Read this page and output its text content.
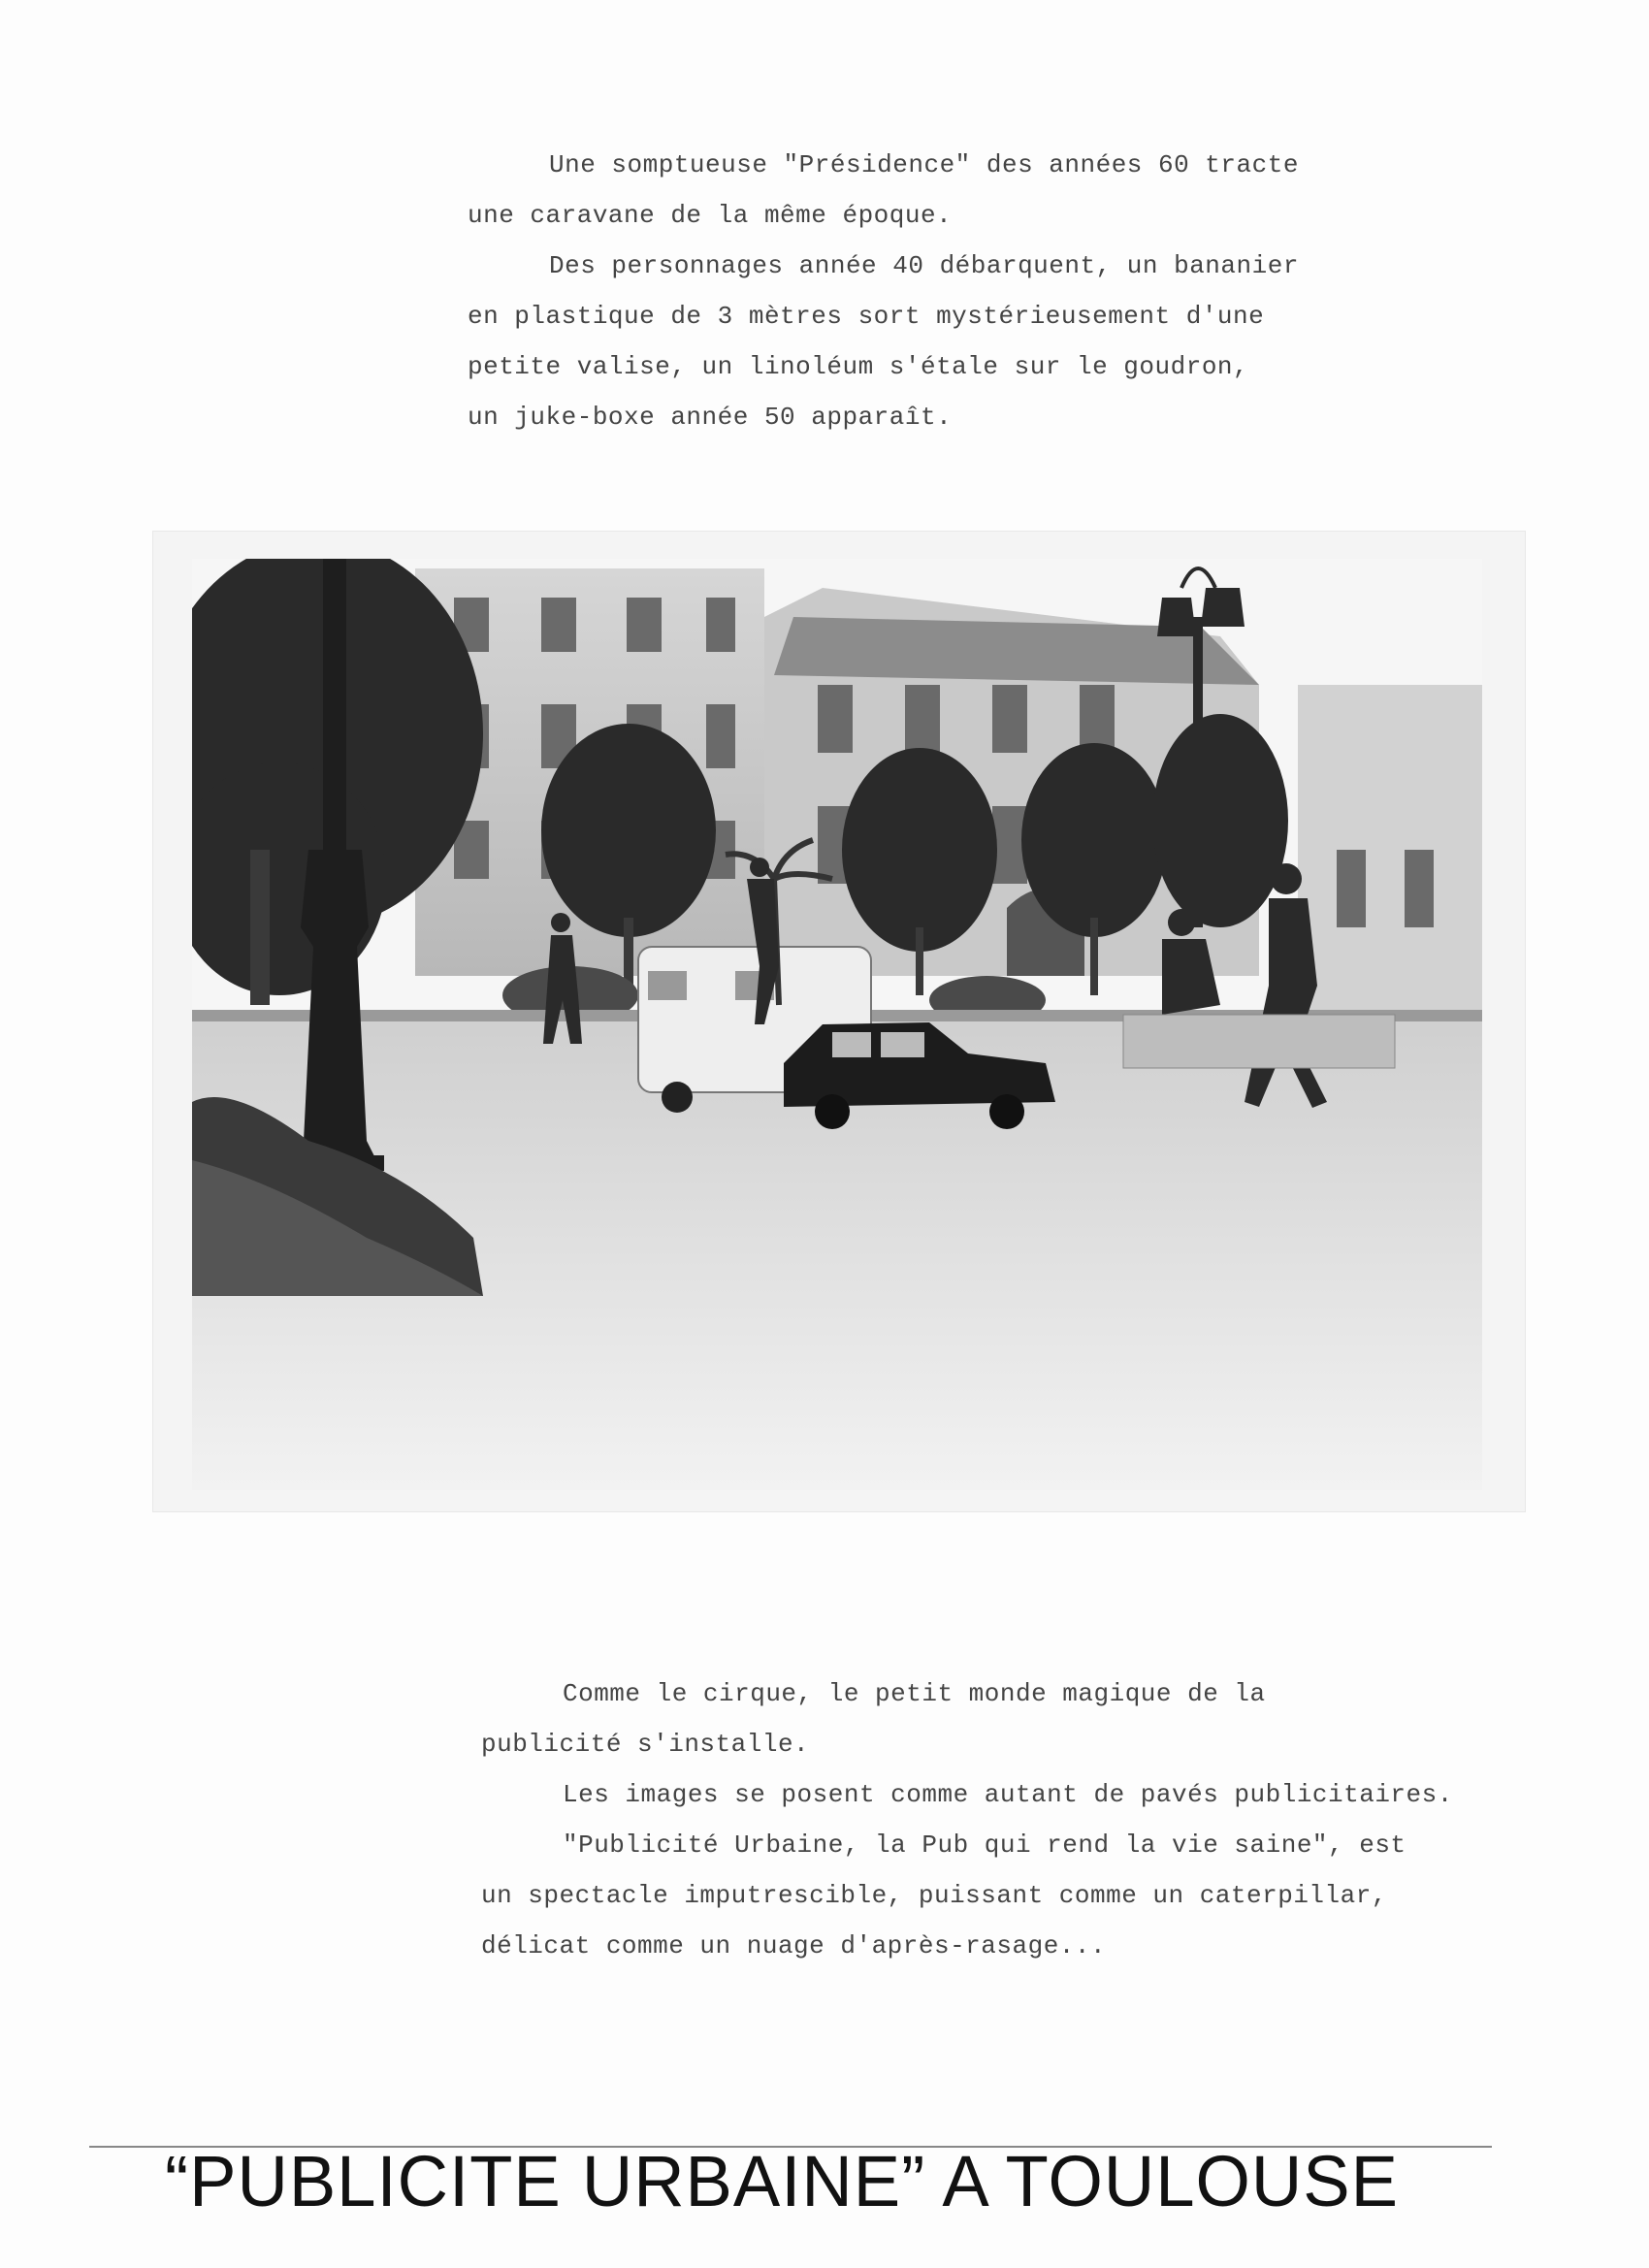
Une somptueuse "Présidence" des années 60 tracte

une caravane de la même époque.

Des personnages année 40 débarquent, un bananier

en plastique de 3 mètres sort mystérieusement d'une

petite valise, un linoléum s'étale sur le goudron,

un juke-boxe année 50 apparaît.

Comme le cirque, le petit monde magique de la

publicité s'installe.

Les images se posent comme autant de pavés publicitaires.

"Publicité Urbaine, la Pub qui rend la vie saine", est

un spectacle imputrescible, puissant comme un caterpillar,

délicat comme un nuage d'après-rasage...

“PUBLICITE URBAINE” A TOULOUSE
